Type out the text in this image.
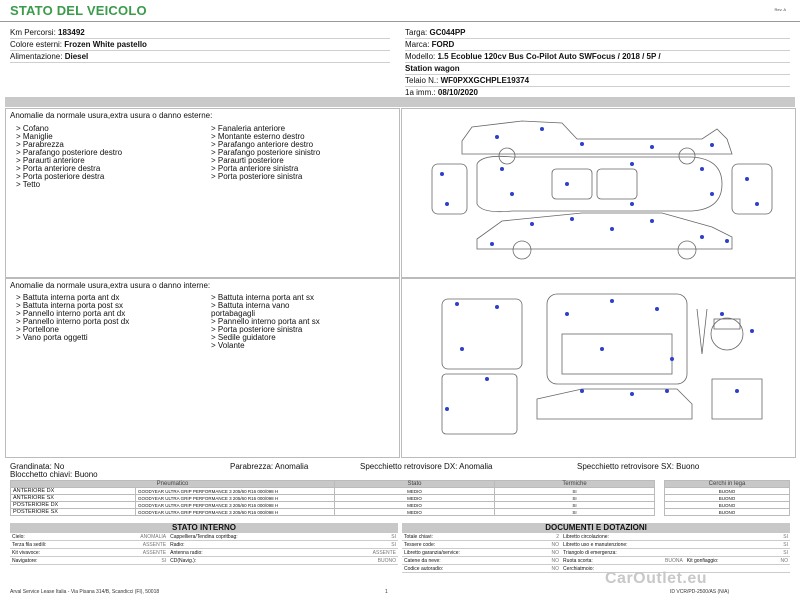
STATO DEL VEICOLO	Rev. A
Km Percorsi: 183492
Colore esterni: Frozen White pastello
Alimentazione: Diesel
Targa: GC044PP
Marca: FORD
Modello: 1.5 Ecoblue 120cv Bus Co-Pilot Auto SWFocus / 2018 / 5P /
Station wagon
Telaio N.: WF0PXXGCHPLE19374
1a imm.: 08/10/2020
Anomalie da normale usura,extra usura o danno esterne:
> Cofano
> Maniglie
> Parabrezza
> Parafango posteriore destro
> Paraurti anteriore
> Porta anteriore destra
> Porta posteriore destra
> Tetto
> Fanaleria anteriore
> Montante esterno destro
> Parafango anteriore destro
> Parafango posteriore sinistro
> Paraurti posteriore
> Porta anteriore sinistra
> Porta posteriore sinistra
Anomalie da normale usura,extra usura o danno interne:
> Battuta interna porta ant dx
> Battuta interna porta post sx
> Pannello interno porta ant dx
> Pannello interno porta post dx
> Portellone
> Vano porta oggetti
> Battuta interna porta ant sx
> Battuta interna vano
portabagagli
> Pannello interno porta ant sx
> Porta posteriore sinistra
> Sedile guidatore
> Volante
Grandinata: No	Parabrezza: Anomalia	Specchietto retrovisore DX: Anomalia	Specchietto retrovisore SX: Buono
Blocchetto chiavi: Buono
Pneumatico		Stato	Termiche		Cerchi in lega
ANTERIORE DX	GOODYEAR ULTRA GRIP PERFORMANCE 3 205/60 R16 000/098 H	MEDIO	SI		BUONO
ANTERIORE SX	GOODYEAR ULTRA GRIP PERFORMANCE 3 205/60 R16 000/098 H	MEDIO	SI		BUONO
POSTERIORE DX	GOODYEAR ULTRA GRIP PERFORMANCE 3 205/60 R16 000/098 H	MEDIO	SI		BUONO
POSTERIORE SX	GOODYEAR ULTRA GRIP PERFORMANCE 3 205/60 R16 000/098 H	MEDIO	SI		BUONO
STATO INTERNO
Cielo:	ANOMALIA	Cappelliera/Tendina copritbag:	SI
Terza fila sedili:	ASSENTE	Radio:	SI
Kit vivavoce:	ASSENTE	Antenna radio:	ASSENTE
Navigatore:	SI	CD(Navig.):	BUONO
DOCUMENTI E DOTAZIONI
Totale chiavi:	2	Libretto circolazione:			SI
Tessere code:	NO	Libretto uso e manutenzione:			SI
Libretto garanzia/service:	NO	Triangolo di emergenza:			SI
Catene da neve:	NO	Ruota scorta:	BUONA	Kit gonfiaggio:	NO
Codice autoradio:	NO	Cerchiatmoio:			
Arval Service Lease Italia - Via Pisana 314/B, Scandicci (FI), 50018	1	ID VCR/PD-2500/AS (N/A)
CarOutlet.eu
